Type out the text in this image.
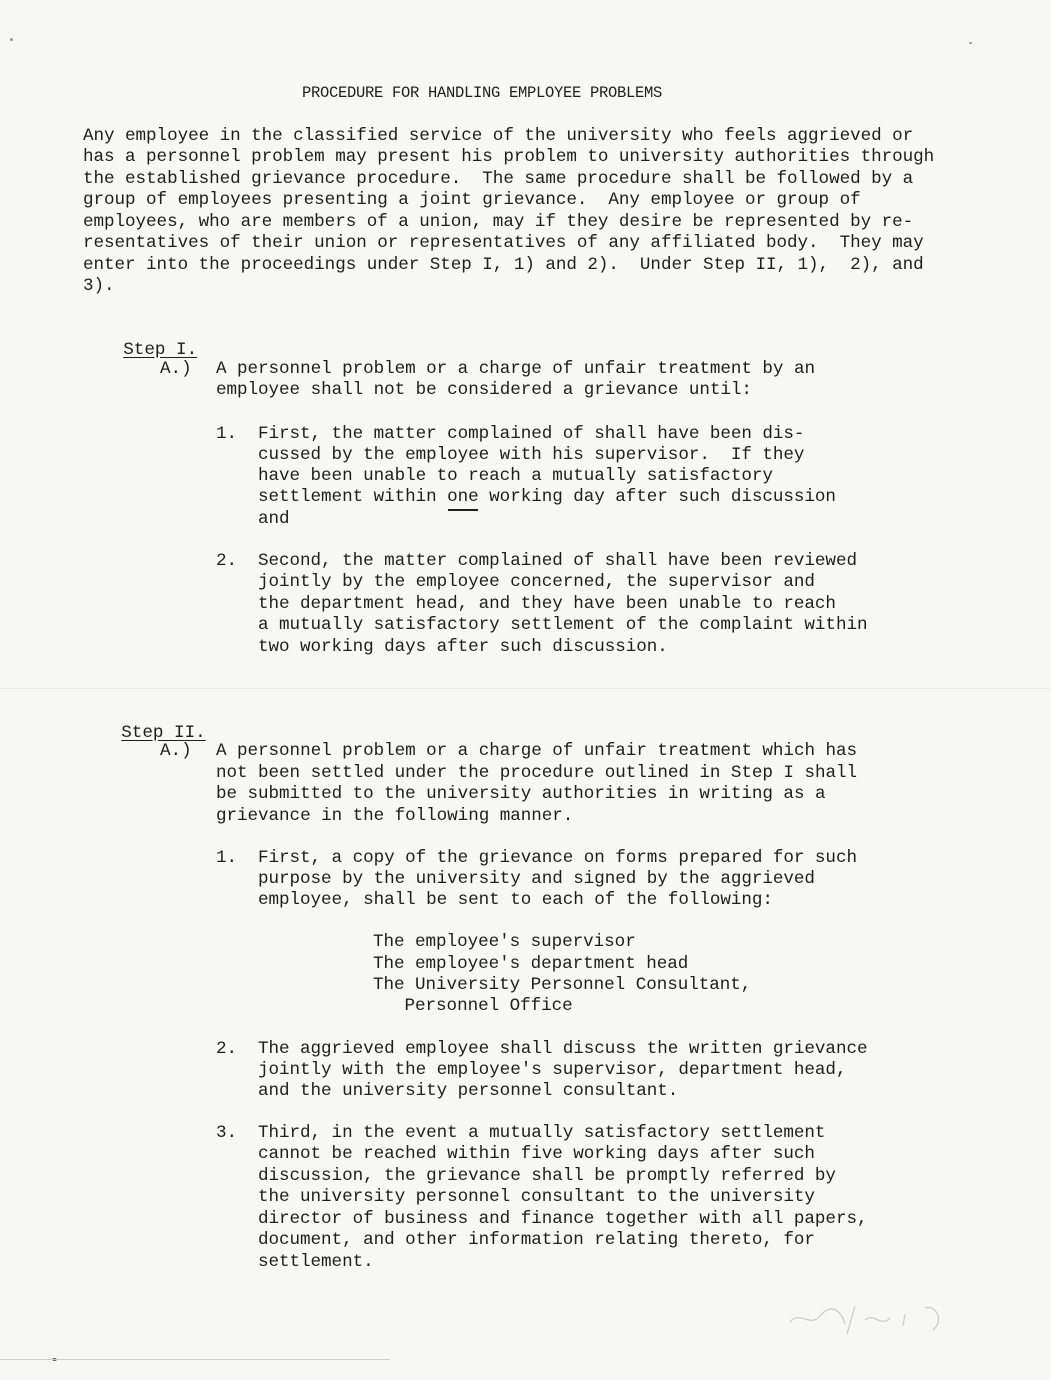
PROCEDURE FOR HANDLING EMPLOYEE PROBLEMS
Any employee in the classified service of the university who feels aggrieved or
has a personnel problem may present his problem to university authorities through
the established grievance procedure.  The same procedure shall be followed by a
group of employees presenting a joint grievance.  Any employee or group of
employees, who are members of a union, may if they desire be represented by re-
resentatives of their union or representatives of any affiliated body.  They may
enter into the proceedings under Step I, 1) and 2).  Under Step II, 1),  2), and
3).

Step I.

A.) A personnel problem or a charge of unfair treatment by an
employee shall not be considered a grievance until:
1. First, the matter complained of shall have been dis-
cussed by the employee with his supervisor.  If they
have been unable to reach a mutually satisfactory
settlement within one working day after such discussion
and
2. Second, the matter complained of shall have been reviewed
jointly by the employee concerned, the supervisor and
the department head, and they have been unable to reach
a mutually satisfactory settlement of the complaint within
two working days after such discussion.

Step II.

A.) A personnel problem or a charge of unfair treatment which has
not been settled under the procedure outlined in Step I shall
be submitted to the university authorities in writing as a
grievance in the following manner.
1. First, a copy of the grievance on forms prepared for such
purpose by the university and signed by the aggrieved
employee, shall be sent to each of the following:
The employee's supervisor
The employee's department head
The University Personnel Consultant,
Personnel Office
2. The aggrieved employee shall discuss the written grievance
jointly with the employee's supervisor, department head,
and the university personnel consultant.
3. Third, in the event a mutually satisfactory settlement
cannot be reached within five working days after such
discussion, the grievance shall be promptly referred by
the university personnel consultant to the university
director of business and finance together with all papers,
document, and other information relating thereto, for
settlement.
